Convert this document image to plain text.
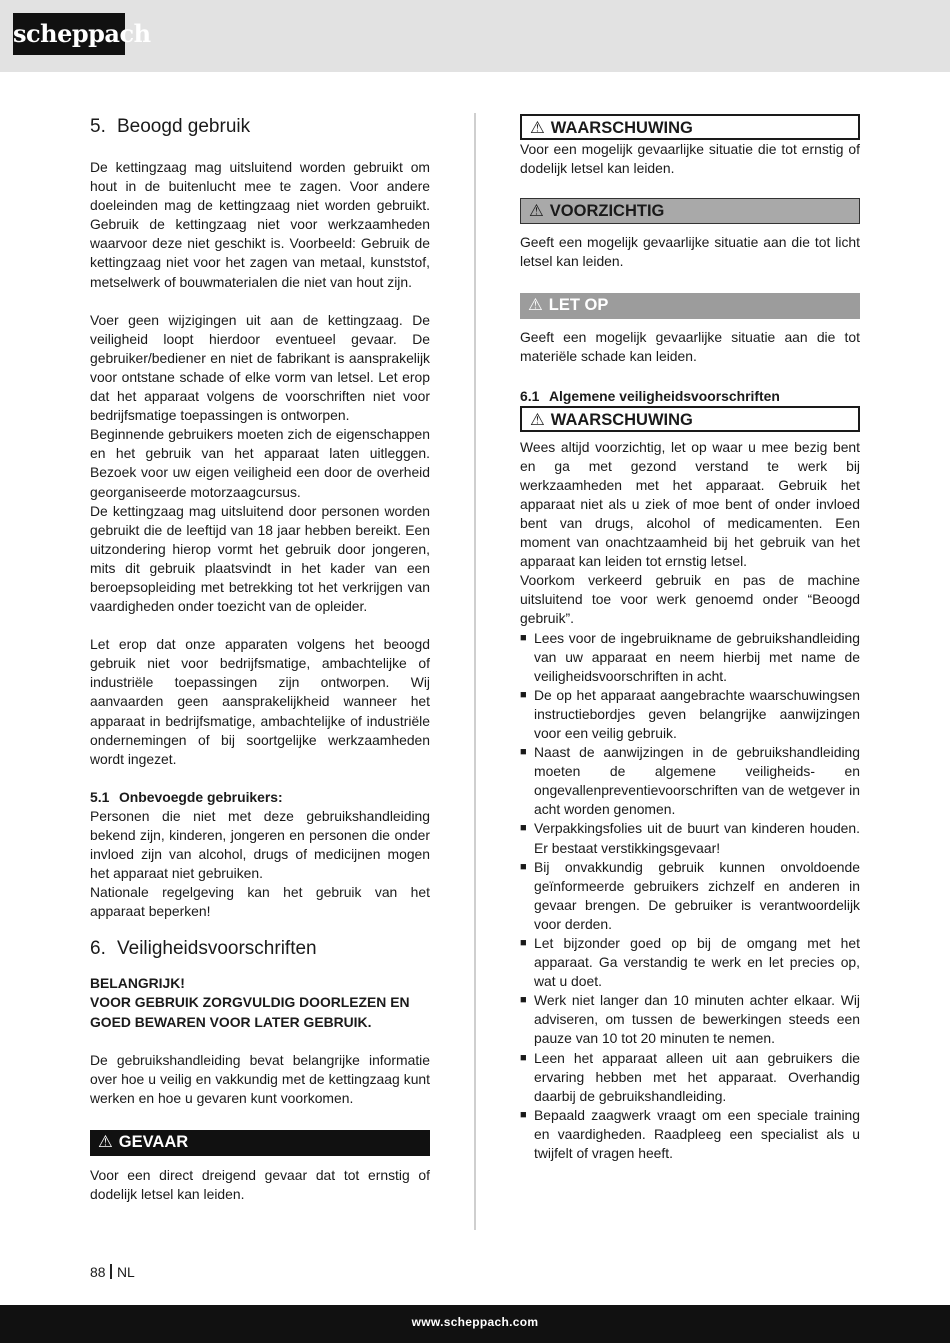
scheppach
5. Beoogd gebruik

De kettingzaag mag uitsluitend worden gebruikt om hout in de buitenlucht mee te zagen. Voor andere doeleinden mag de kettingzaag niet worden gebruikt. Gebruik de kettingzaag niet voor werkzaamheden waarvoor deze niet geschikt is. Voorbeeld: Gebruik de kettingzaag niet voor het zagen van metaal, kunststof, metselwerk of bouwmaterialen die niet van hout zijn.

Voer geen wijzigingen uit aan de kettingzaag. De veiligheid loopt hierdoor eventueel gevaar. De gebruiker/bediener en niet de fabrikant is aansprakelijk voor ontstane schade of elke vorm van letsel. Let erop dat het apparaat volgens de voorschriften niet voor bedrijfsmatige toepassingen is ontworpen.

Beginnende gebruikers moeten zich de eigenschappen en het gebruik van het apparaat laten uitleggen. Bezoek voor uw eigen veiligheid een door de overheid georganiseerde motorzaagcursus.

De kettingzaag mag uitsluitend door personen worden gebruikt die de leeftijd van 18 jaar hebben bereikt. Een uitzondering hierop vormt het gebruik door jongeren, mits dit gebruik plaatsvindt in het kader van een beroepsopleiding met betrekking tot het verkrijgen van vaardigheden onder toezicht van de opleider.

Let erop dat onze apparaten volgens het beoogd gebruik niet voor bedrijfsmatige, ambachtelijke of industriële toepassingen zijn ontworpen. Wij aanvaarden geen aansprakelijkheid wanneer het apparaat in bedrijfsmatige, ambachtelijke of industriële ondernemingen of bij soortgelijke werkzaamheden wordt ingezet.

5.1 Onbevoegde gebruikers:

Personen die niet met deze gebruikshandleiding bekend zijn, kinderen, jongeren en personen die onder invloed zijn van alcohol, drugs of medicijnen mogen het apparaat niet gebruiken.

Nationale regelgeving kan het gebruik van het apparaat beperken!

6. Veiligheidsvoorschriften

BELANGRIJK!

VOOR GEBRUIK ZORGVULDIG DOORLEZEN EN GOED BEWAREN VOOR LATER GEBRUIK.

De gebruikshandleiding bevat belangrijke informatie over hoe u veilig en vakkundig met de kettingzaag kunt werken en hoe u gevaren kunt voorkomen.

⚠ GEVAAR

Voor een direct dreigend gevaar dat tot ernstig of dodelijk letsel kan leiden.

⚠ WAARSCHUWING

Voor een mogelijk gevaarlijke situatie die tot ernstig of dodelijk letsel kan leiden.

⚠ VOORZICHTIG

Geeft een mogelijk gevaarlijke situatie aan die tot licht letsel kan leiden.

⚠ LET OP

Geeft een mogelijk gevaarlijke situatie aan die tot materiële schade kan leiden.

6.1 Algemene veiligheidsvoorschriften
⚠ WAARSCHUWING

Wees altijd voorzichtig, let op waar u mee bezig bent en ga met gezond verstand te werk bij werkzaamheden met het apparaat. Gebruik het apparaat niet als u ziek of moe bent of onder invloed bent van drugs, alcohol of medicamenten. Een moment van onachtzaamheid bij het gebruik van het apparaat kan leiden tot ernstig letsel.

Voorkom verkeerd gebruik en pas de machine uitsluitend toe voor werk genoemd onder “Beoogd gebruik”.

■ Lees voor de ingebruikname de gebruikshandleiding van uw apparaat en neem hierbij met name de veiligheidsvoorschriften in acht.
■ De op het apparaat aangebrachte waarschuwingsen instructiebordjes geven belangrijke aanwijzingen voor een veilig gebruik.
■ Naast de aanwijzingen in de gebruikshandleiding moeten de algemene veiligheids- en ongevallenpreventievoorschriften van de wetgever in acht worden genomen.
■ Verpakkingsfolies uit de buurt van kinderen houden. Er bestaat verstikkingsgevaar!
■ Bij onvakkundig gebruik kunnen onvoldoende geïnformeerde gebruikers zichzelf en anderen in gevaar brengen. De gebruiker is verantwoordelijk voor derden.
■ Let bijzonder goed op bij de omgang met het apparaat. Ga verstandig te werk en let precies op, wat u doet.
■ Werk niet langer dan 10 minuten achter elkaar. Wij adviseren, om tussen de bewerkingen steeds een pauze van 10 tot 20 minuten te nemen.
■ Leen het apparaat alleen uit aan gebruikers die ervaring hebben met het apparaat. Overhandig daarbij de gebruikshandleiding.
■ Bepaald zaagwerk vraagt om een speciale training en vaardigheden. Raadpleeg een specialist als u twijfelt of vragen heeft.
88 NL
www.scheppach.com
